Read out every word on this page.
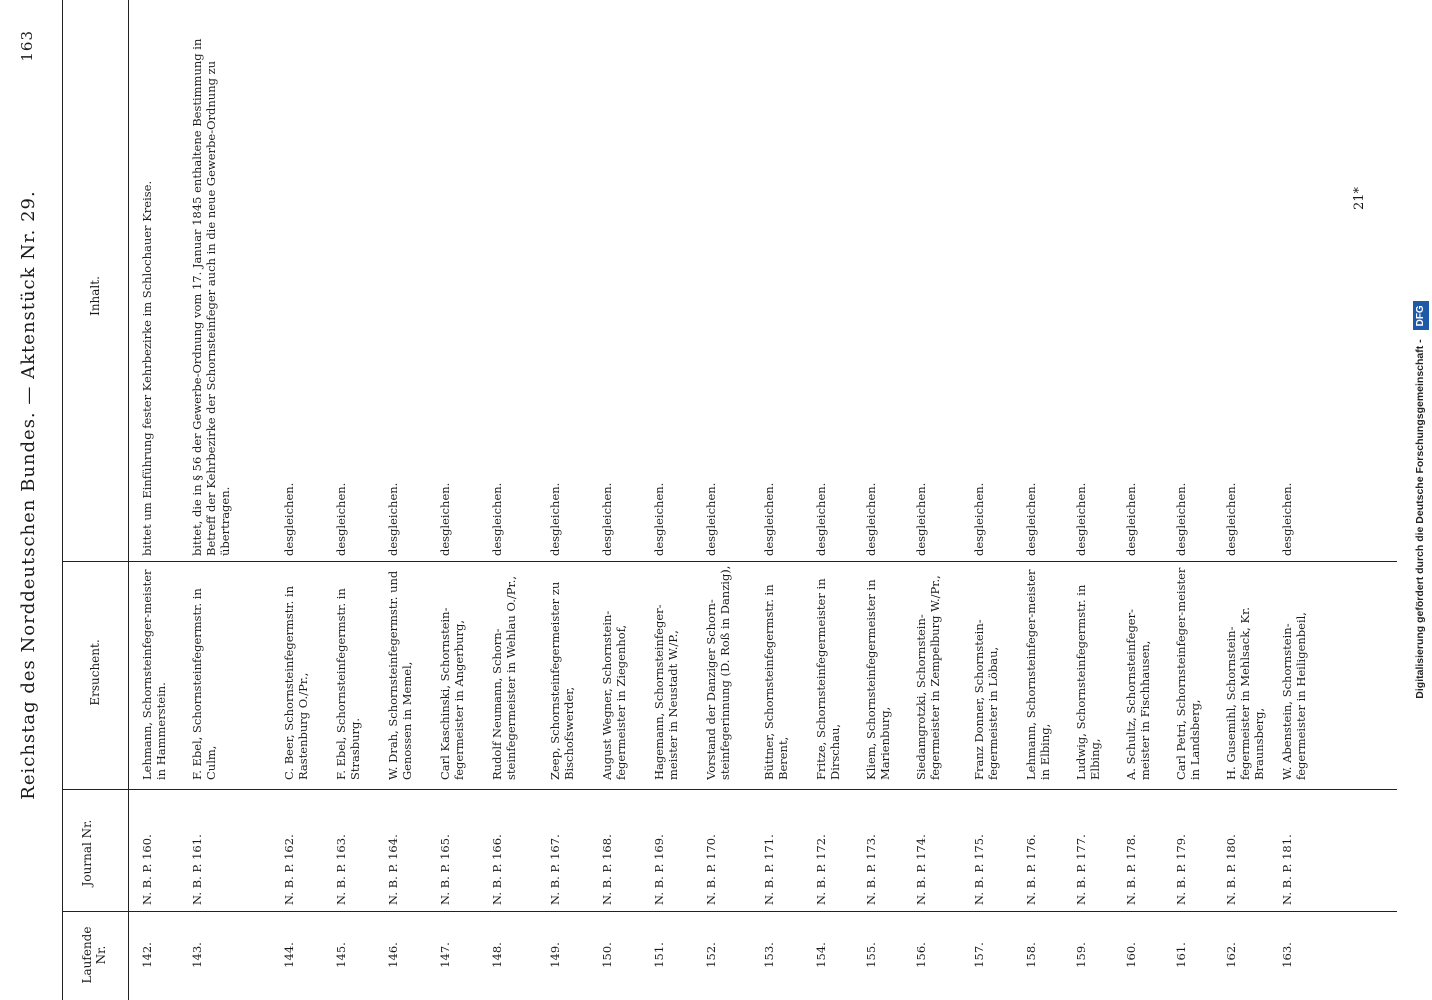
Reichstag des Norddeutschen Bundes. — Aktenstück Nr. 29.
163
Laufende Nr.
Journal Nr.
Ersuchent.
Inhalt.
142.
N. B. P. 160.
Lehmann, Schornsteinfeger-meister in Hammerstein.
bittet um Einführung fester Kehrbezirke im Schlochauer Kreise.
143.
N. B. P. 161.
F. Ebel, Schornsteinfegermstr. in Culm,
bittet, die in § 56 der Gewerbe-Ordnung vom 17. Januar 1845 enthaltene Bestimmung in Betreff der Kehrbezirke der Schornsteinfeger auch in die neue Gewerbe-Ordnung zu übertragen.
144.
N. B. P. 162.
C. Beer, Schornsteinfegermstr. in Rastenburg O./Pr.,
desgleichen.
145.
N. B. P. 163.
F. Ebel, Schornsteinfegermstr. in Strasburg.
desgleichen.
146.
N. B. P. 164.
W. Drah, Schornsteinfegermstr. und Genossen in Memel,
desgleichen.
147.
N. B. P. 165.
Carl Kaschinski, Schornstein-fegermeister in Angerburg,
desgleichen.
148.
N. B. P. 166.
Rudolf Neumann, Schorn-steinfegermeister in Wehlau O./Pr.,
desgleichen.
149.
N. B. P. 167.
Zeep, Schornsteinfegermeister zu Bischofswerder,
desgleichen.
150.
N. B. P. 168.
August Wegner, Schornstein-fegermeister in Ziegenhof,
desgleichen.
151.
N. B. P. 169.
Hagemann, Schornsteinfeger-meister in Neustadt W./P.,
desgleichen.
152.
N. B. P. 170.
Vorstand der Danziger Schorn-steinfegerinnung (D. Roß in Danzig),
desgleichen.
153.
N. B. P. 171.
Büttner, Schornsteinfegermstr. in Berent,
desgleichen.
154.
N. B. P. 172.
Fritze, Schornsteinfegermeister in Dirschau,
desgleichen.
155.
N. B. P. 173.
Kliem, Schornsteinfegermeister in Marienburg,
desgleichen.
156.
N. B. P. 174.
Siedamgrotzki, Schornstein-fegermeister in Zempelburg W./Pr.,
desgleichen.
157.
N. B. P. 175.
Franz Donner, Schornstein-fegermeister in Löbau,
desgleichen.
158.
N. B. P. 176.
Lehmann, Schornsteinfeger-meister in Elbing,
desgleichen.
159.
N. B. P. 177.
Ludwig, Schornsteinfegermstr. in Elbing,
desgleichen.
160.
N. B. P. 178.
A. Schultz, Schornsteinfeger-meister in Fischhausen,
desgleichen.
161.
N. B. P. 179.
Carl Petri, Schornsteinfeger-meister in Landsberg,
desgleichen.
162.
N. B. P. 180.
H. Gusemihl, Schornstein-fegermeister in Mehlsack, Kr. Braunsberg,
desgleichen.
163.
N. B. P. 181.
W. Abenstein, Schornstein-fegermeister in Heiligenbeil,
desgleichen.
21*
Digitalisierung gefördert durch die Deutsche Forschungsgemeinschaft - DFG
